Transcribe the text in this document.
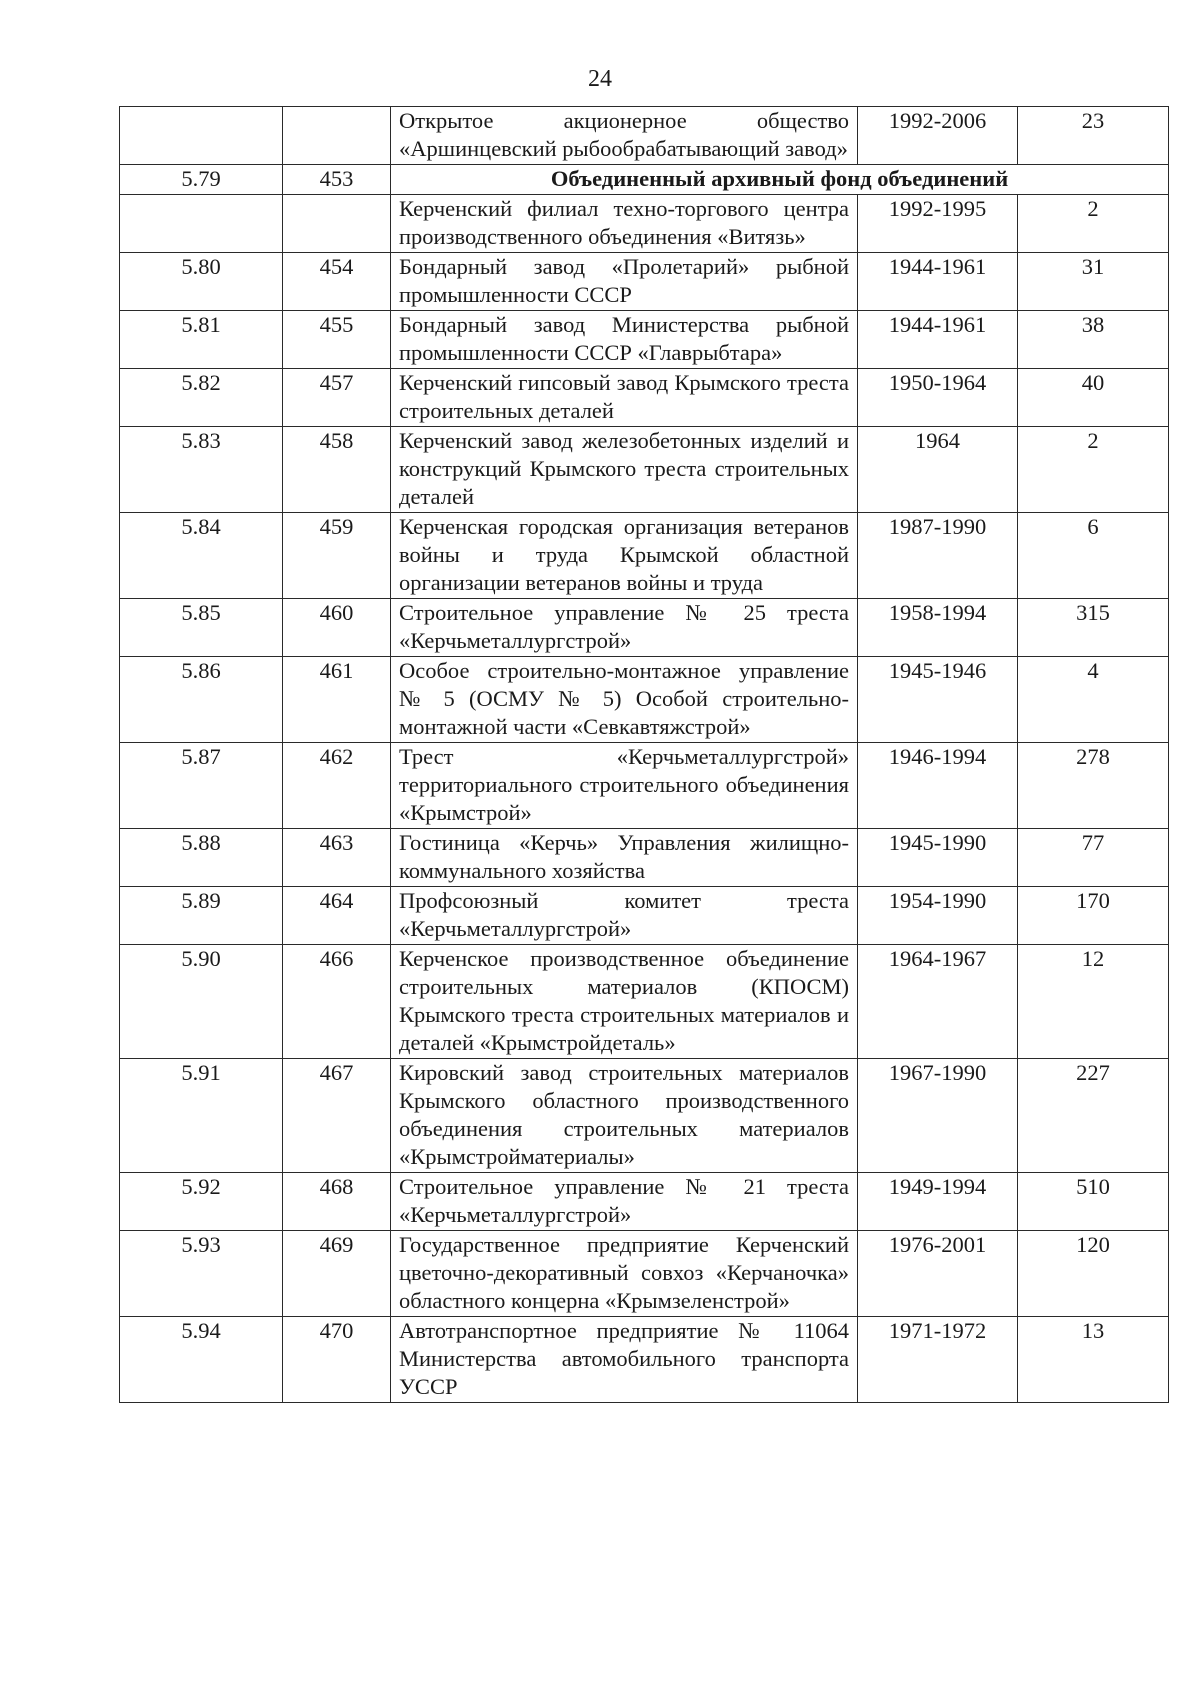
24
		Открытое акционерное общество «Аршинцевский рыбообрабатывающий завод»	1992-2006	23
5.79	453	Объединенный архивный фонд объединений		
		Керченский филиал техно-торгового центра производственного объединения «Витязь»	1992-1995	2
5.80	454	Бондарный завод «Пролетарий» рыбной промышленности СССР	1944-1961	31
5.81	455	Бондарный завод Министерства рыбной промышленности СССР «Главрыбтара»	1944-1961	38
5.82	457	Керченский гипсовый завод Крымского треста строительных деталей	1950-1964	40
5.83	458	Керченский завод железобетонных изделий и конструкций Крымского треста строительных деталей	1964	2
5.84	459	Керченская городская организация ветеранов войны и труда Крымской областной организации ветеранов войны и труда	1987-1990	6
5.85	460	Строительное управление № 25 треста «Керчьметаллургстрой»	1958-1994	315
5.86	461	Особое строительно-монтажное управление № 5 (ОСМУ № 5) Особой строительно-монтажной части «Севкавтяжстрой»	1945-1946	4
5.87	462	Трест «Керчьметаллургстрой» территориального строительного объединения «Крымстрой»	1946-1994	278
5.88	463	Гостиница «Керчь» Управления жилищно-коммунального хозяйства	1945-1990	77
5.89	464	Профсоюзный комитет треста «Керчьметаллургстрой»	1954-1990	170
5.90	466	Керченское производственное объединение строительных материалов (КПОСМ) Крымского треста строительных материалов и деталей «Крымстройдеталь»	1964-1967	12
5.91	467	Кировский завод строительных материалов Крымского областного производственного объединения строительных материалов «Крымстройматериалы»	1967-1990	227
5.92	468	Строительное управление № 21 треста «Керчьметаллургстрой»	1949-1994	510
5.93	469	Государственное предприятие Керченский цветочно-декоративный совхоз «Керчаночка» областного концерна «Крымзеленстрой»	1976-2001	120
5.94	470	Автотранспортное предприятие № 11064 Министерства автомобильного транспорта УССР	1971-1972	13
